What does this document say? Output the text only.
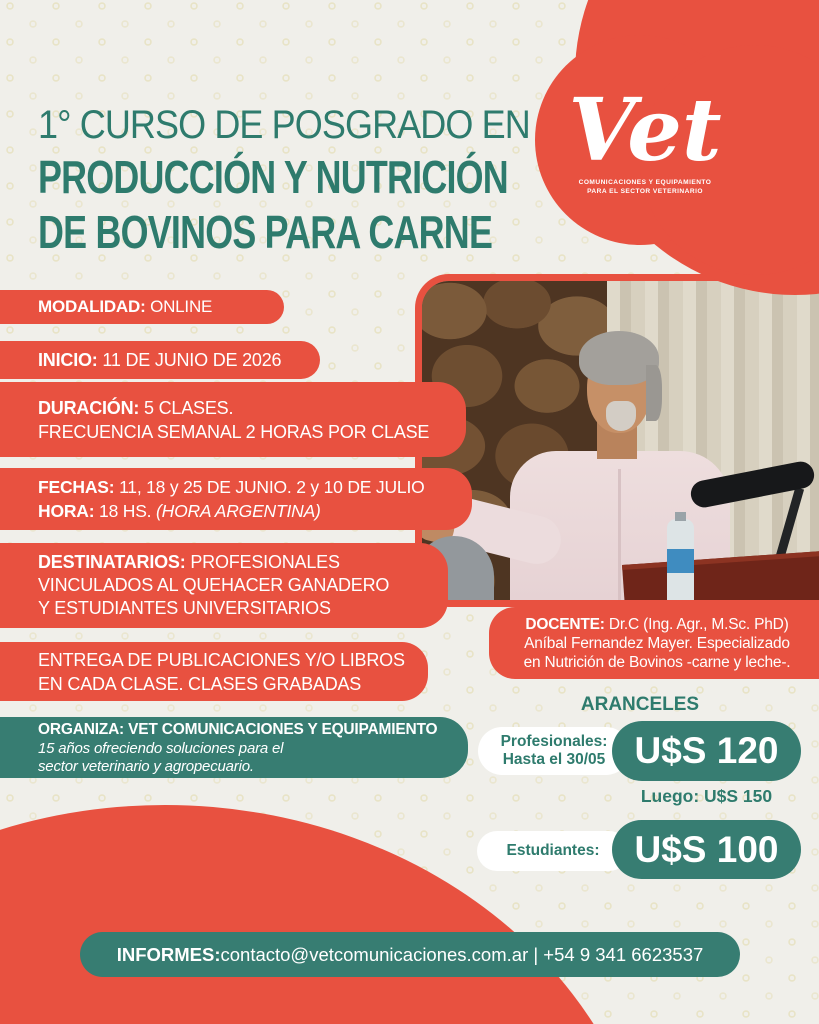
Vet
COMUNICACIONES Y EQUIPAMIENTO
PARA EL SECTOR VETERINARIO
1° CURSO DE POSGRADO EN
PRODUCCIÓN Y NUTRICIÓN
DE BOVINOS PARA CARNE
MODALIDAD: ONLINE
INICIO: 11 DE JUNIO DE 2026
DURACIÓN: 5 CLASES.
FRECUENCIA SEMANAL 2 HORAS POR CLASE
FECHAS: 11, 18 y 25 DE JUNIO. 2 y 10 DE JULIO
HORA: 18 HS. (HORA ARGENTINA)
DESTINATARIOS: PROFESIONALES
VINCULADOS AL QUEHACER GANADERO
Y ESTUDIANTES UNIVERSITARIOS
ENTREGA DE PUBLICACIONES Y/O LIBROS
EN CADA CLASE. CLASES GRABADAS
ORGANIZA: VET COMUNICACIONES Y EQUIPAMIENTO
15 años ofreciendo soluciones para el
sector veterinario y agropecuario.
DOCENTE: Dr.C (Ing. Agr., M.Sc. PhD)
Aníbal Fernandez Mayer. Especializado
en Nutrición de Bovinos -carne y leche-.
ARANCELES
Profesionales:
Hasta el 30/05 U$S 120
Luego: U$S 150
Estudiantes: U$S 100
INFORMES: contacto@vetcomunicaciones.com.ar | +54 9 341 6623537
